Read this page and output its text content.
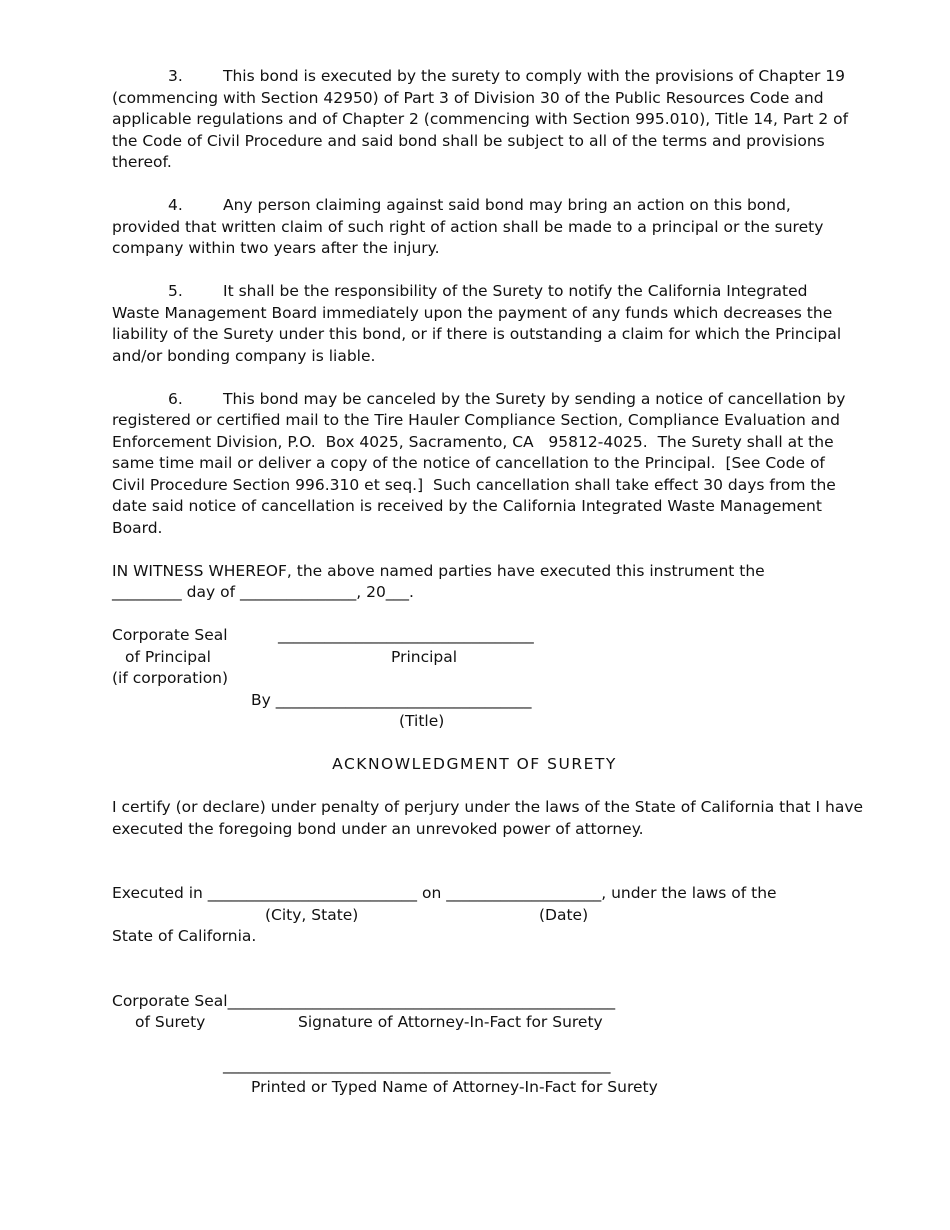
3.	This bond is executed by the surety to comply with the provisions of Chapter 19
(commencing with Section 42950) of Part 3 of Division 30 of the Public Resources Code and
applicable regulations and of Chapter 2 (commencing with Section 995.010), Title 14, Part 2 of
the Code of Civil Procedure and said bond shall be subject to all of the terms and provisions
thereof.
4.	Any person claiming against said bond may bring an action on this bond,
provided that written claim of such right of action shall be made to a principal or the surety
company within two years after the injury.
5.	It shall be the responsibility of the Surety to notify the California Integrated
Waste Management Board immediately upon the payment of any funds which decreases the
liability of the Surety under this bond, or if there is outstanding a claim for which the Principal
and/or bonding company is liable.
6.	This bond may be canceled by the Surety by sending a notice of cancellation by
registered or certified mail to the Tire Hauler Compliance Section, Compliance Evaluation and
Enforcement Division, P.O.  Box 4025, Sacramento, CA   95812-4025.  The Surety shall at the
same time mail or deliver a copy of the notice of cancellation to the Principal.  [See Code of
Civil Procedure Section 996.310 et seq.]  Such cancellation shall take effect 30 days from the
date said notice of cancellation is received by the California Integrated Waste Management
Board.
IN WITNESS WHEREOF, the above named parties have executed this instrument the
_________ day of _______________, 20___.
Corporate Seal
of Principal
(if corporation)
_________________________________
Principal
By _________________________________
(Title)
ACKNOWLEDGMENT OF SURETY
I certify (or declare) under penalty of perjury under the laws of the State of California that I have
executed the foregoing bond under an unrevoked power of attorney.
Executed in ___________________________ on ____________________, under the laws of the
(City, State)	(Date)
State of California.
Corporate Seal__________________________________________________
of Surety	Signature of Attorney-In-Fact for Surety
__________________________________________________
Printed or Typed Name of Attorney-In-Fact for Surety
